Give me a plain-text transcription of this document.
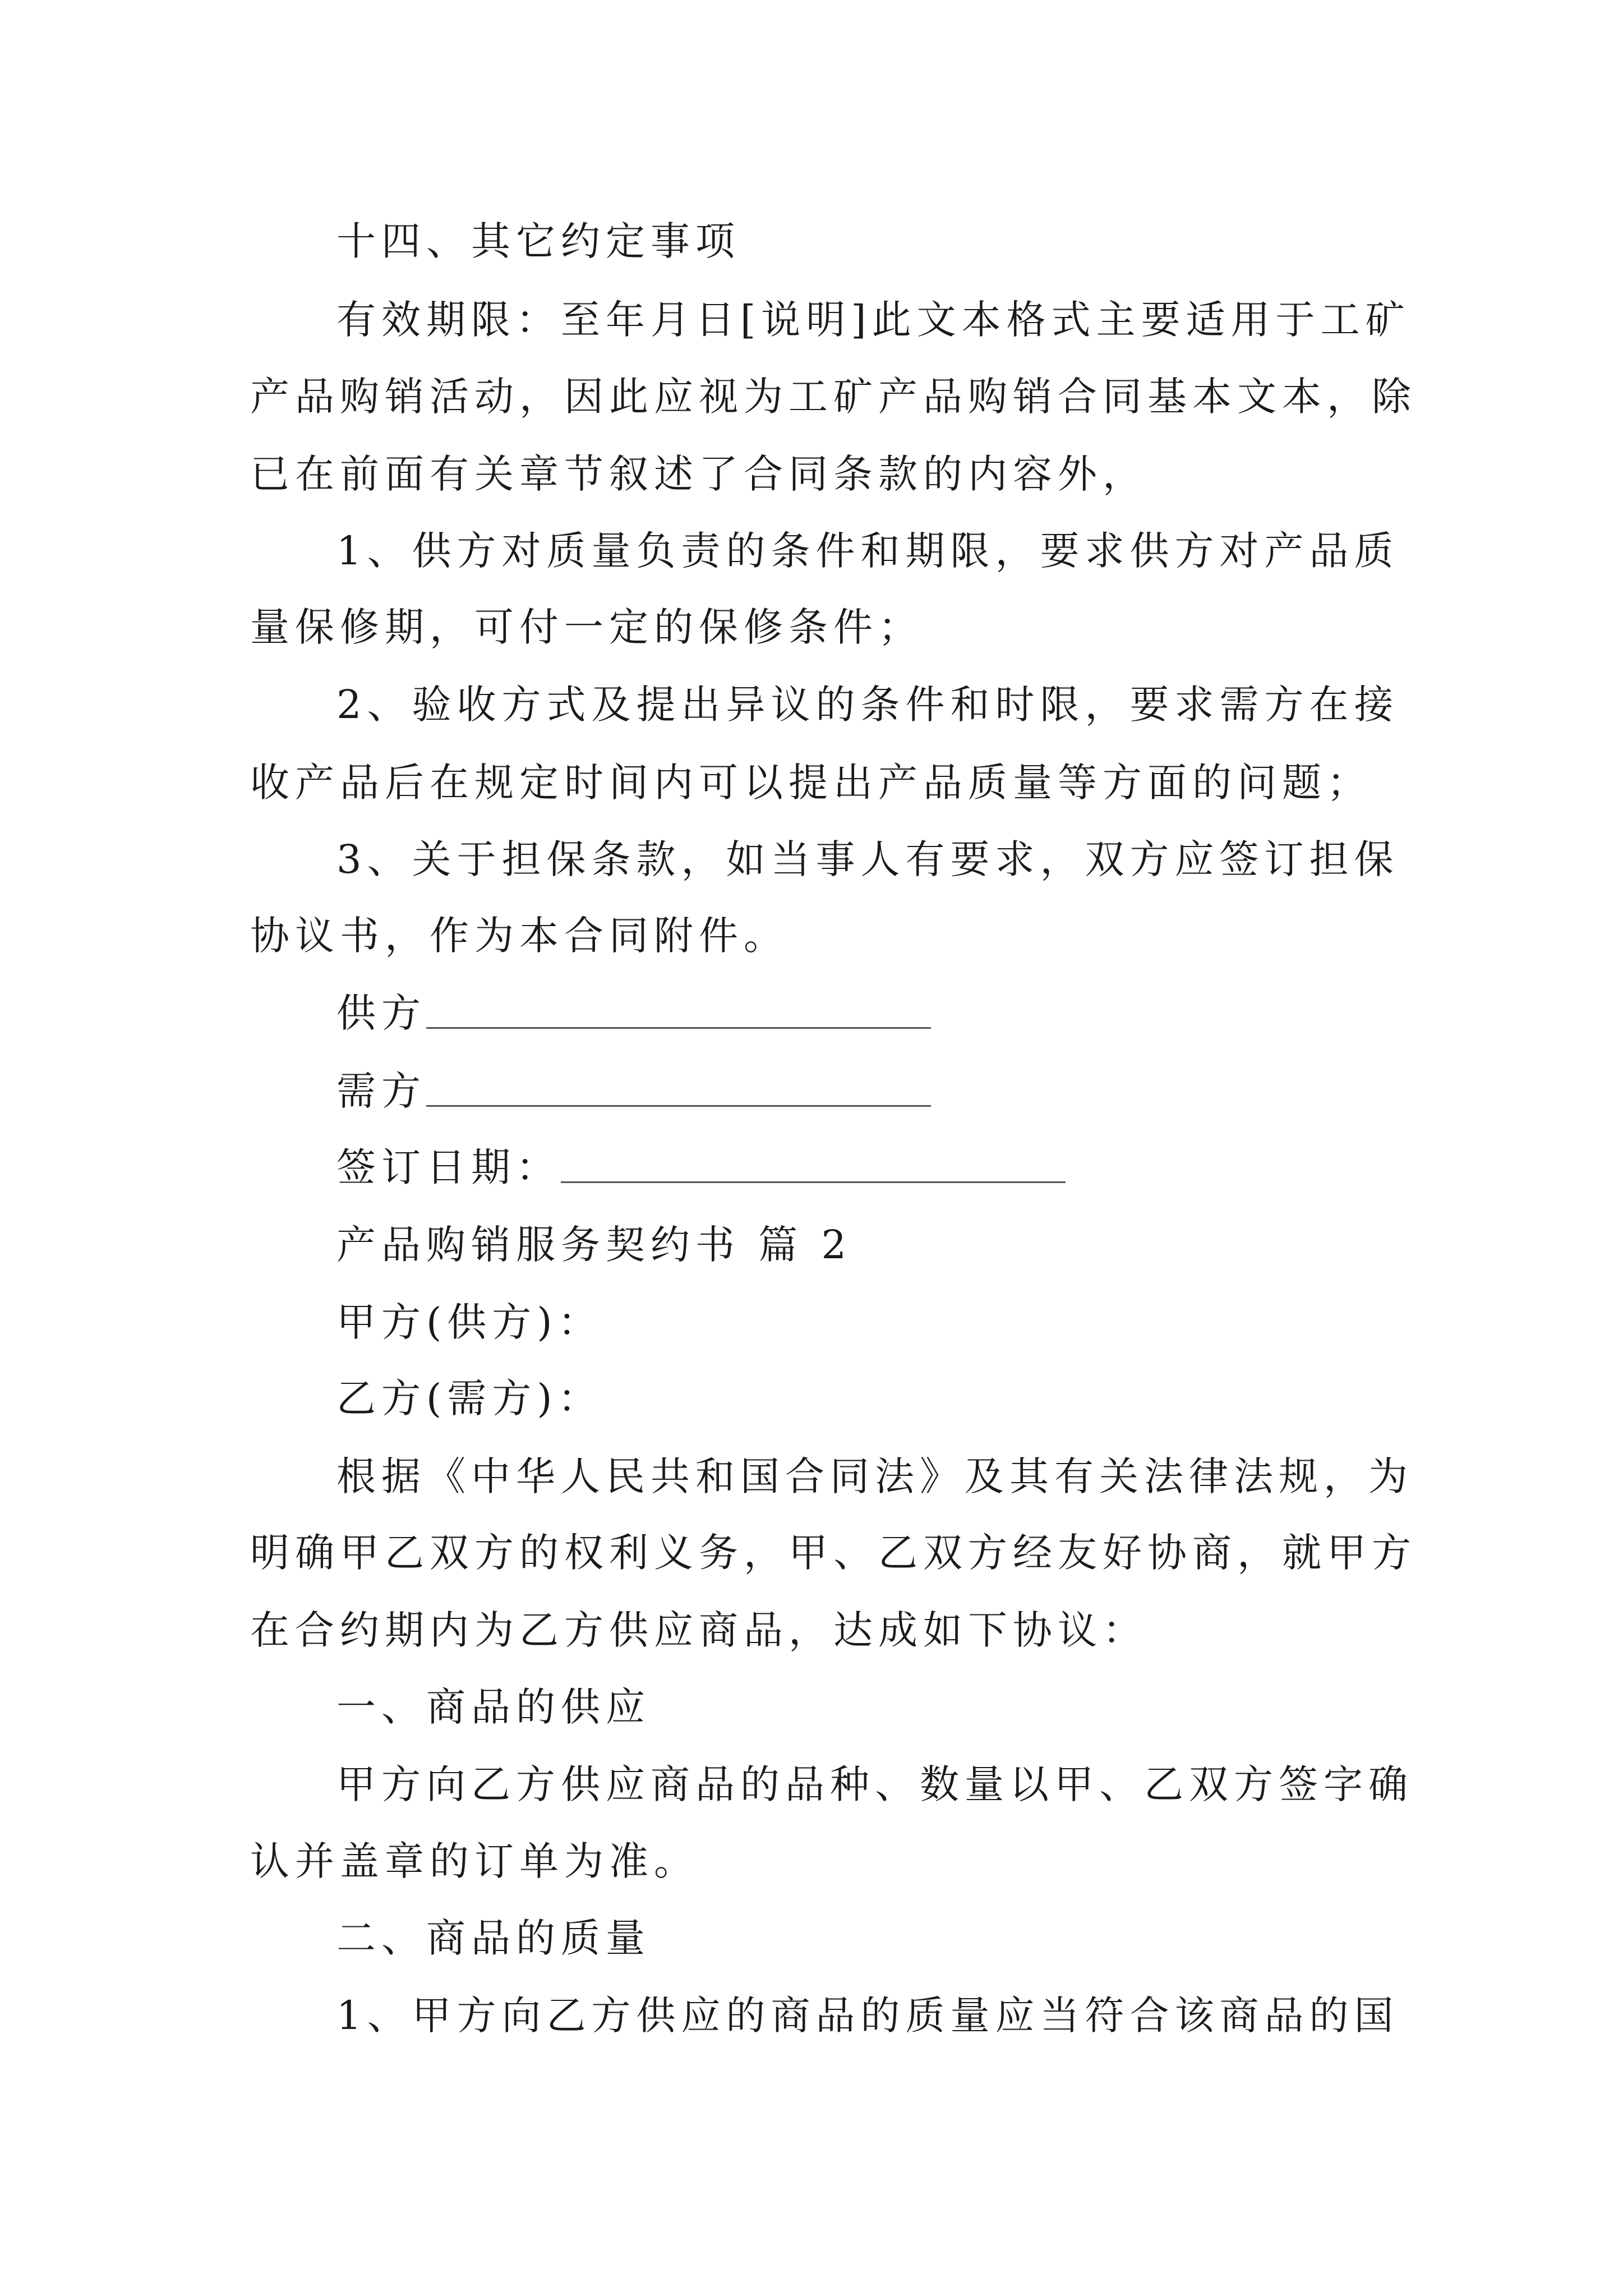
十四、其它约定事项
有效期限：至年月日[说明]此文本格式主要适用于工矿
产品购销活动，因此应视为工矿产品购销合同基本文本，除
已在前面有关章节叙述了合同条款的内容外，
1、供方对质量负责的条件和期限，要求供方对产品质
量保修期，可付一定的保修条件；
2、验收方式及提出异议的条件和时限，要求需方在接
收产品后在规定时间内可以提出产品质量等方面的问题；
3、关于担保条款，如当事人有要求，双方应签订担保
协议书，作为本合同附件。
供方
需方
签订日期：
产品购销服务契约书 篇 2
甲方(供方)：
乙方(需方)：
根据《中华人民共和国合同法》及其有关法律法规，为
明确甲乙双方的权利义务，甲、乙双方经友好协商，就甲方
在合约期内为乙方供应商品，达成如下协议：
一、商品的供应
甲方向乙方供应商品的品种、数量以甲、乙双方签字确
认并盖章的订单为准。
二、商品的质量
1、甲方向乙方供应的商品的质量应当符合该商品的国
